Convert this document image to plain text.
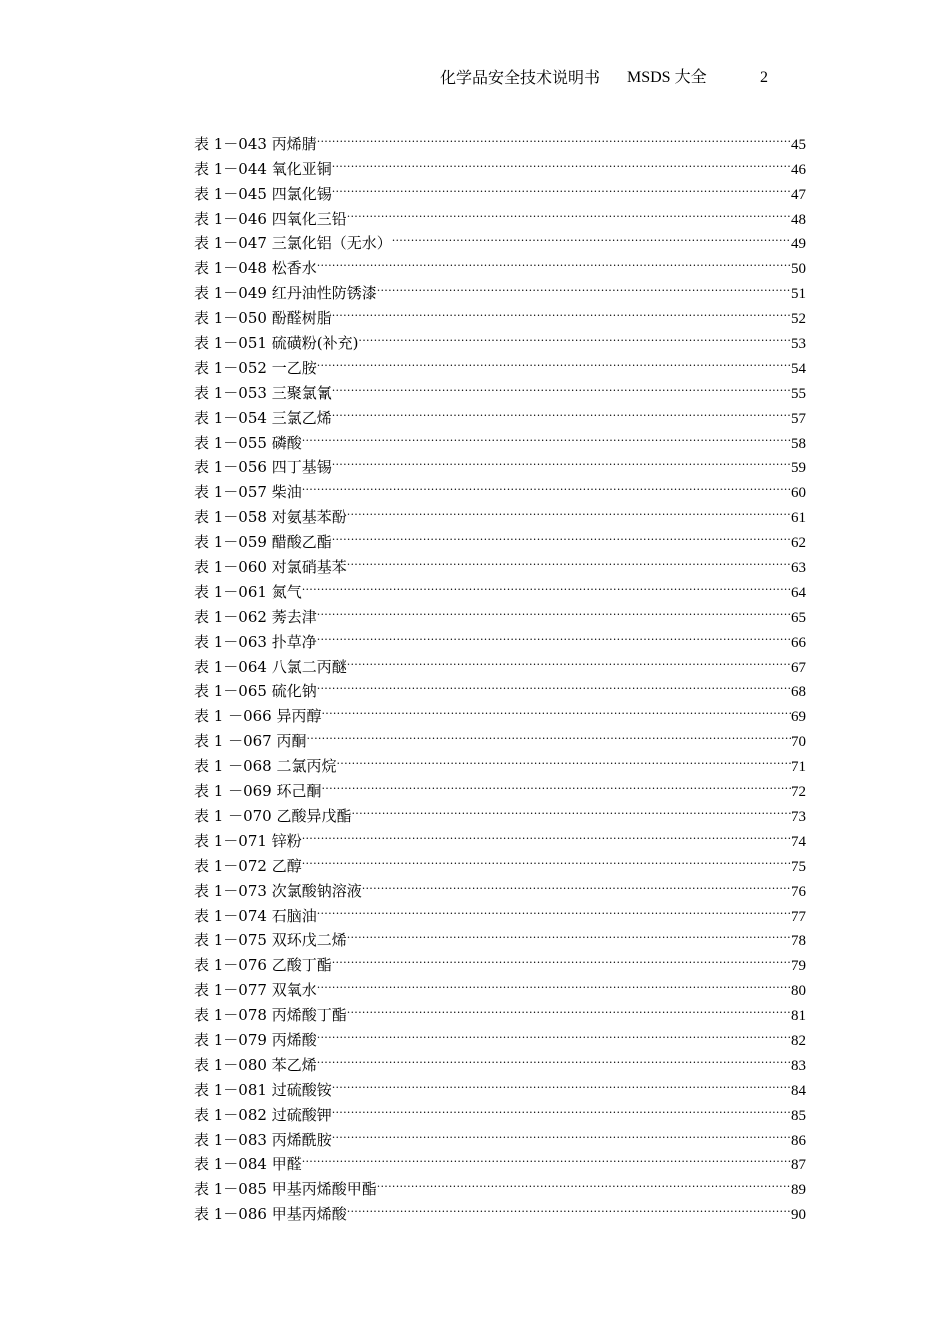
化学品安全技术说明书 MSDS 大全	2
表 1－043 丙烯腈 .....	45
表 1－044 氧化亚铜 .....	46
表 1－045 四氯化锡 .....	47
表 1－046 四氧化三铅 .....	48
表 1－047 三氯化铝（无水） .....	49
表 1－048 松香水 .....	50
表 1－049 红丹油性防锈漆 .....	51
表 1－050 酚醛树脂 .....	52
表 1－051 硫磺粉(补充) .....	53
表 1－052 一乙胺 .....	54
表 1－053 三聚氯氰 .....	55
表 1－054 三氯乙烯 .....	57
表 1－055 磷酸 .....	58
表 1－056 四丁基锡 .....	59
表 1－057 柴油 .....	60
表 1－058 对氨基苯酚 .....	61
表 1－059 醋酸乙酯 .....	62
表 1－060 对氯硝基苯 .....	63
表 1－061 氮气 .....	64
表 1－062 莠去津 .....	65
表 1－063 扑草净 .....	66
表 1－064 八氯二丙醚 .....	67
表 1－065 硫化钠 .....	68
表 1 －066 异丙醇 .....	69
表 1 －067 丙酮 .....	70
表 1 －068 二氯丙烷 .....	71
表 1 －069 环己酮 .....	72
表 1 －070 乙酸异戊酯 .....	73
表 1－071 锌粉 .....	74
表 1－072 乙醇 .....	75
表 1－073 次氯酸钠溶液 .....	76
表 1－074 石脑油 .....	77
表 1－075 双环戊二烯 .....	78
表 1－076 乙酸丁酯 .....	79
表 1－077 双氧水 .....	80
表 1－078 丙烯酸丁酯 .....	81
表 1－079 丙烯酸 .....	82
表 1－080 苯乙烯 .....	83
表 1－081 过硫酸铵 .....	84
表 1－082 过硫酸钾 .....	85
表 1－083 丙烯酰胺 .....	86
表 1－084 甲醛 .....	87
表 1－085 甲基丙烯酸甲酯 .....	89
表 1－086 甲基丙烯酸 .....	90
